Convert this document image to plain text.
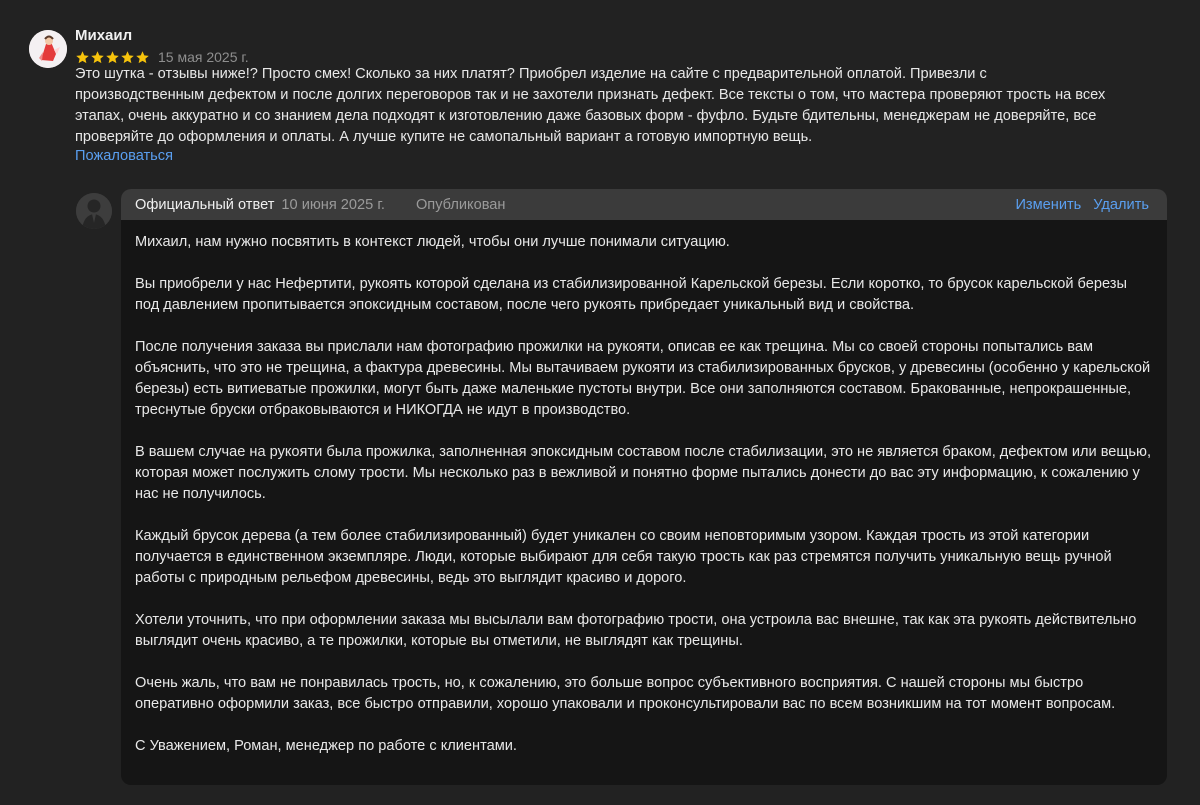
Михаил
15 мая 2025 г.

Это шутка - отзывы ниже!? Просто смех! Сколько за них платят? Приобрел изделие на сайте с предварительной оплатой. Привезли с

производственным дефектом и после долгих переговоров так и не захотели признать дефект. Все тексты о том, что мастера проверяют трость на всех

этапах, очень аккуратно и со знанием дела подходят к изготовлению даже базовых форм - фуфло. Будьте бдительны, менеджерам не доверяйте, все

проверяйте до оформления и оплаты. А лучше купите не самопальный вариант а готовую импортную вещь.

Пожаловаться
Официальный ответ 10 июня 2025 г. Опубликован	Изменить Удалить

Михаил, нам нужно посвятить в контекст людей, чтобы они лучше понимали ситуацию.

Вы приобрели у нас Нефертити, рукоять которой сделана из стабилизированной Карельской березы. Если коротко, то брусок карельской березы под давлением пропитывается эпоксидным составом, после чего рукоять прибредает уникальный вид и свойства.

После получения заказа вы прислали нам фотографию прожилки на рукояти, описав ее как трещина. Мы со своей стороны попытались вам объяснить, что это не трещина, а фактура древесины. Мы вытачиваем рукояти из стабилизированных брусков, у древесины (особенно у карельской березы) есть витиеватые прожилки, могут быть даже маленькие пустоты внутри. Все они заполняются составом. Бракованные, непрокрашенные, треснутые бруски отбраковываются и НИКОГДА не идут в производство.

В вашем случае на рукояти была прожилка, заполненная эпоксидным составом после стабилизации, это не является браком, дефектом или вещью, которая может послужить слому трости. Мы несколько раз в вежливой и понятно форме пытались донести до вас эту информацию, к сожалению у нас не получилось.

Каждый брусок дерева (а тем более стабилизированный) будет уникален со своим неповторимым узором. Каждая трость из этой категории получается в единственном экземпляре. Люди, которые выбирают для себя такую трость как раз стремятся получить уникальную вещь ручной работы с природным рельефом древесины, ведь это выглядит красиво и дорого.

Хотели уточнить, что при оформлении заказа мы высылали вам фотографию трости, она устроила вас внешне, так как эта рукоять действительно выглядит очень красиво, а те прожилки, которые вы отметили, не выглядят как трещины.

Очень жаль, что вам не понравилась трость, но, к сожалению, это больше вопрос субъективного восприятия. С нашей стороны мы быстро оперативно оформили заказ, все быстро отправили, хорошо упаковали и проконсультировали вас по всем возникшим на тот момент вопросам.

С Уважением, Роман, менеджер по работе с клиентами.
